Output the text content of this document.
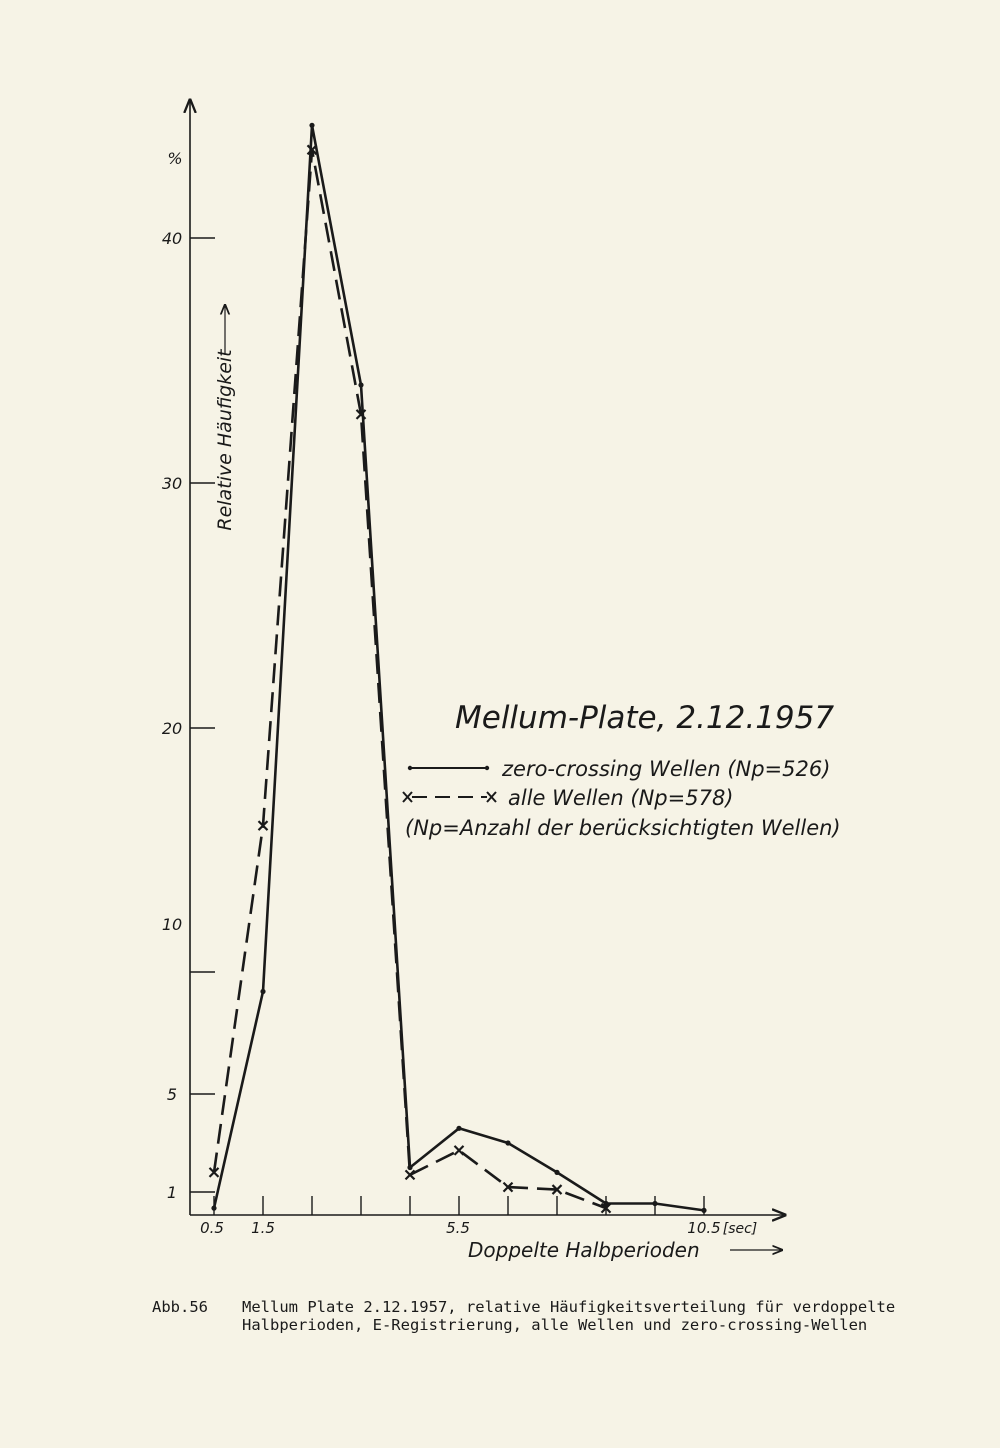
1
5
10
20
30
40
%
0.5 1.5	5.5	10.5 [sec]
Relative Häufigkeit
Doppelte Halbperioden
Mellum-Plate, 2.12.1957
zero-crossing Wellen (Np=526)
alle Wellen (Np=578)
(Np=Anzahl der berücksichtigten Wellen)
Abb.56 Mellum Plate 2.12.1957, relative Häufigkeitsverteilung für verdoppelte Halbperioden, E-Registrierung, alle Wellen und zero-crossing-Wellen
